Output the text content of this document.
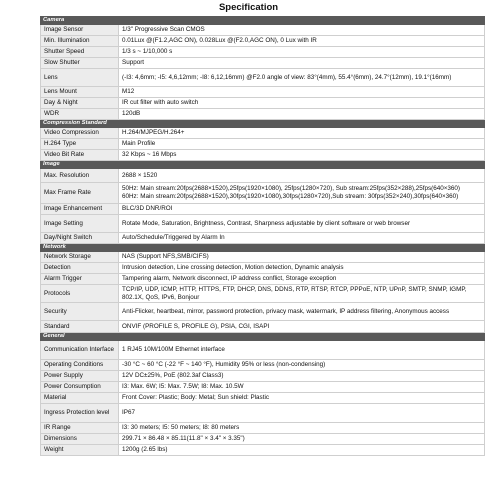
Specification
Camera	
Image Sensor	1/3" Progressive Scan CMOS
Min. Illumination	0.01Lux @(F1.2,AGC ON), 0.028Lux @(F2.0,AGC ON), 0 Lux with IR
Shutter Speed	1/3 s ~ 1/10,000 s
Slow Shutter	Support
Lens	(-I3: 4,6mm; -I5: 4,6,12mm; -I8: 6,12,16mm) @F2.0 angle of view: 83°(4mm), 55.4°(6mm), 24.7°(12mm), 19.1°(16mm)
Lens Mount	M12
Day & Night	IR cut filter with auto switch
WDR	120dB
Compression Standard	
Video Compression	H.264/MJPEG/H.264+
H.264 Type	Main Profile
Video Bit Rate	32 Kbps ~ 16 Mbps
Image	
Max. Resolution	2688 × 1520
Max Frame Rate	50Hz: Main stream:20fps(2688×1520),25fps(1920×1080), 25fps(1280×720), Sub stream:25fps(352×288),25fps(640×360)
60Hz: Main stream:20fps(2688×1520),30fps(1920×1080),30fps(1280×720),Sub stream: 30fps(352×240),30fps(640×360)
Image Enhancement	BLC/3D DNR/ROI
Image Setting	Rotate Mode, Saturation, Brightness, Contrast, Sharpness adjustable by client software or web browser
Day/Night Switch	Auto/Schedule/Triggered by Alarm In
Network	
Network Storage	NAS (Support NFS,SMB/CIFS)
Detection	Intrusion detection, Line crossing detection, Motion detection, Dynamic analysis
Alarm Trigger	Tampering alarm, Network disconnect, IP address conflict, Storage exception
Protocols	TCP/IP, UDP, ICMP, HTTP, HTTPS, FTP, DHCP, DNS, DDNS, RTP, RTSP, RTCP, PPPoE, NTP, UPnP, SMTP, SNMP, IGMP, 802.1X, QoS, IPv6, Bonjour
Security	Anti-Flicker, heartbeat, mirror, password protection, privacy mask, watermark, IP address filtering, Anonymous access
Standard	ONVIF (PROFILE S, PROFILE G), PSIA, CGI, ISAPI
General	
Communication Interface	1 RJ45 10M/100M Ethernet interface
Operating Conditions	-30 °C ~ 60 °C (-22 °F ~ 140 °F), Humidity 95% or less (non-condensing)
Power Supply	12V DC±25%, PoE (802.3af Class3)
Power Consumption	I3: Max. 6W; I5: Max. 7.5W; I8: Max. 10.5W
Material	Front Cover: Plastic; Body: Metal; Sun shield: Plastic
Ingress Protection level	IP67
IR Range	I3: 30 meters; I5: 50 meters; I8: 80 meters
Dimensions	299.71 × 86.48 × 85.11(11.8" × 3.4" × 3.35")
Weight	1200g (2.65 lbs)
